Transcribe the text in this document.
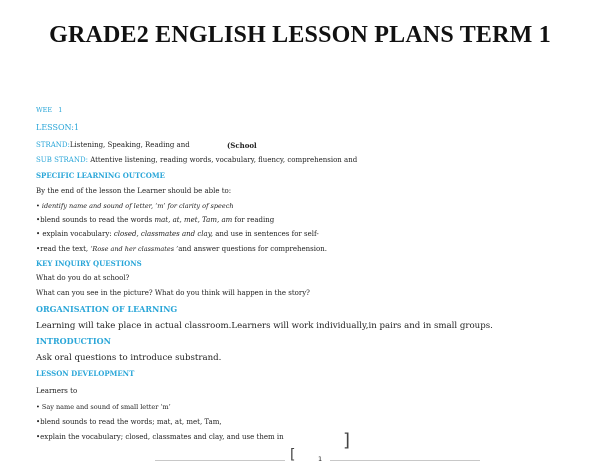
GRADE2 ENGLISH LESSON PLANS TERM 1
WEE 1
LESSON:1
STRAND:Listening, Speaking, Reading and	(School
SUB STRAND: Attentive listening, reading words, vocabulary, fluency, comprehension and
SPECIFIC LEARNING OUTCOME
By the end of the lesson the Learner should be able to:
• identify name and sound of letter, ‘m’ for clarity of speech
•blend sounds to read the words mat, at, met, Tam, am for reading
• explain vocabulary: closed, classmates and clay, and use in sentences for self-
•read the text, ‘Rose and her classmates ’and answer questions for comprehension.
KEY INQUIRY QUESTIONS
What do you do at school?
What can you see in the picture? What do you think will happen in the story?
ORGANISATION OF LEARNING
Learning will take place in actual classroom.Learners will work individually,in pairs and in small groups.
INTRODUCTION
Ask oral questions to introduce substrand.
LESSON DEVELOPMENT
Learners to
• Say name and sound of small letter ‘m’
•blend sounds to read the words; mat, at, met, Tam,
•explain the vocabulary; closed, classmates and clay, and use them in	]
[	1
